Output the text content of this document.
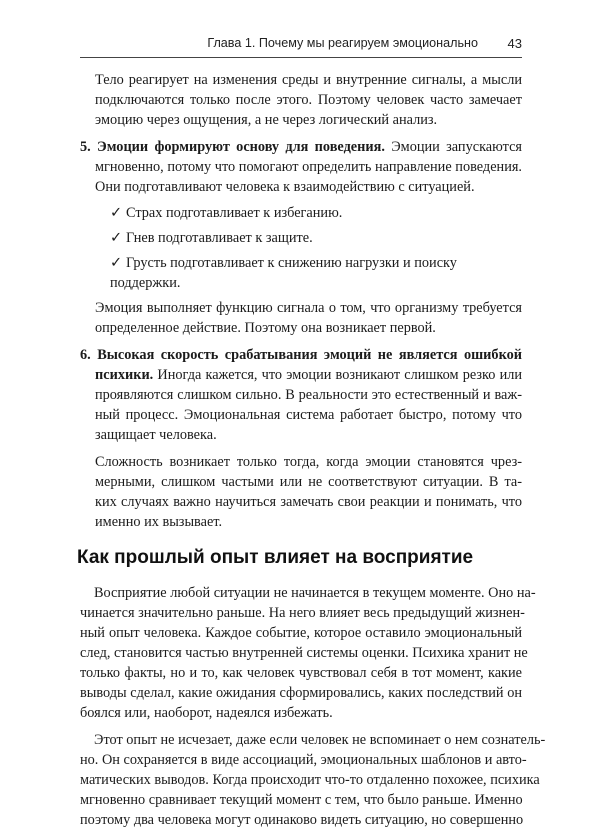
Глава 1. Почему мы реагируем эмоционально 43
Тело реагирует на изменения среды и внутренние сигналы, а мысли
подключаются только после этого. Поэтому человек часто замечает
эмоцию через ощущения, а не через логический анализ.
5. Эмоции формируют основу для поведения. Эмоции запускаются
мгновенно, потому что помогают определить направление поведения.
Они подготавливают человека к взаимодействию с ситуацией.
✓ Страх подготавливает к избеганию.
✓ Гнев подготавливает к защите.
✓ Грусть подготавливает к снижению нагрузки и поиску поддержки.
Эмоция выполняет функцию сигнала о том, что организму требуется
определенное действие. Поэтому она возникает первой.
6. Высокая скорость срабатывания эмоций не является ошибкой
психики. Иногда кажется, что эмоции возникают слишком резко или
проявляются слишком сильно. В реальности это естественный и важ-
ный процесс. Эмоциональная система работает быстро, потому что
защищает человека.
Сложность возникает только тогда, когда эмоции становятся чрез-
мерными, слишком частыми или не соответствуют ситуации. В та-
ких случаях важно научиться замечать свои реакции и понимать, что
именно их вызывает.
Как прошлый опыт влияет на восприятие
Восприятие любой ситуации не начинается в текущем моменте. Оно на-
чинается значительно раньше. На него влияет весь предыдущий жизнен-
ный опыт человека. Каждое событие, которое оставило эмоциональный
след, становится частью внутренней системы оценки. Психика хранит не
только факты, но и то, как человек чувствовал себя в тот момент, какие
выводы сделал, какие ожидания сформировались, каких последствий он
боялся или, наоборот, надеялся избежать.
Этот опыт не исчезает, даже если человек не вспоминает о нем сознатель-
но. Он сохраняется в виде ассоциаций, эмоциональных шаблонов и авто-
матических выводов. Когда происходит что-то отдаленно похожее, психика
мгновенно сравнивает текущий момент с тем, что было раньше. Именно
поэтому два человека могут одинаково видеть ситуацию, но совершенно
